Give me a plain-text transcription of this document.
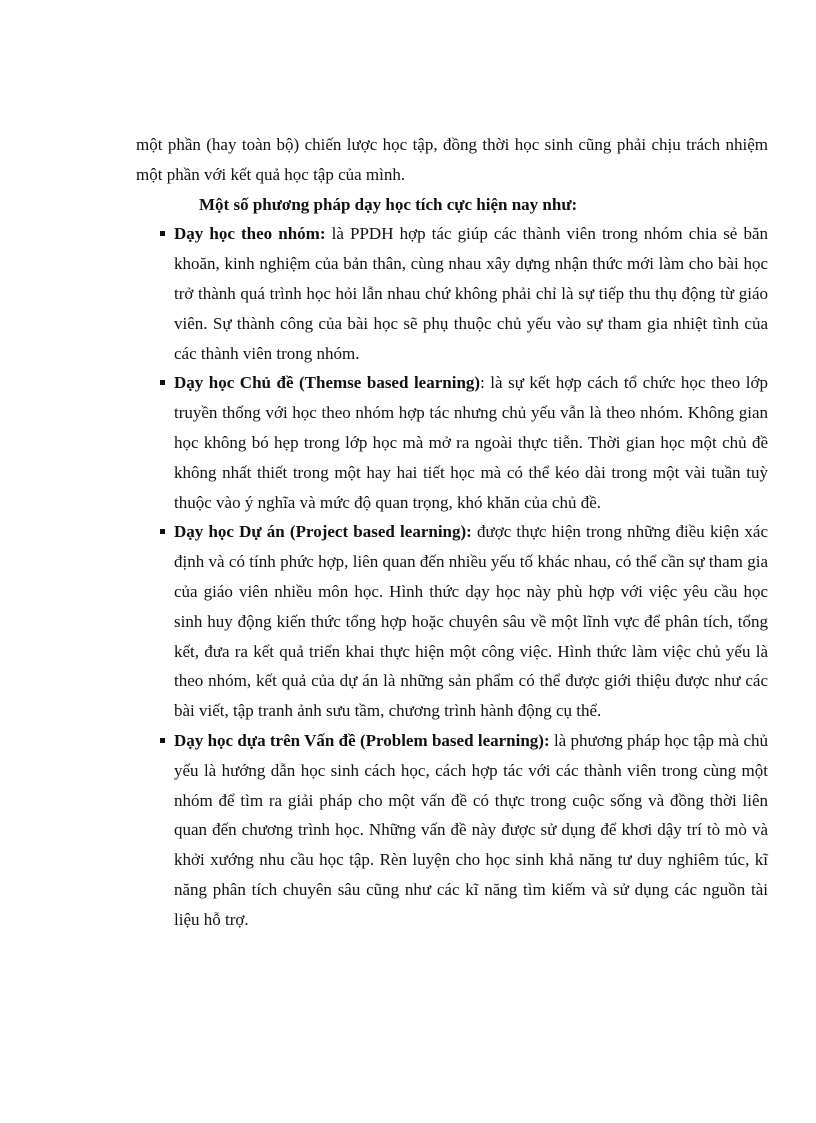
một phần (hay toàn bộ) chiến lược học tập, đồng thời học sinh cũng phải chịu trách nhiệm một phần với kết quả học tập của mình.

Một số phương pháp dạy học tích cực hiện nay như:

Dạy học theo nhóm: là PPDH hợp tác giúp các thành viên trong nhóm chia sẻ băn khoăn, kinh nghiệm của bản thân, cùng nhau xây dựng nhận thức mới làm cho bài học trở thành quá trình học hỏi lẫn nhau chứ không phải chỉ là sự tiếp thu thụ động từ giáo viên. Sự thành công của bài học sẽ phụ thuộc chủ yếu vào sự tham gia nhiệt tình của các thành viên trong nhóm.
Dạy học Chủ đề (Themse based learning): là sự kết hợp cách tổ chức học theo lớp truyền thống với học theo nhóm hợp tác nhưng chủ yếu vẫn là theo nhóm. Không gian học không bó hẹp trong lớp học mà mở ra ngoài thực tiễn. Thời gian học một chủ đề không nhất thiết trong một hay hai tiết học mà có thể kéo dài trong một vài tuần tuỳ thuộc vào ý nghĩa và mức độ quan trọng, khó khăn của chủ đề.
Dạy học Dự án (Project based learning): được thực hiện trong những điều kiện xác định và có tính phức hợp, liên quan đến nhiều yếu tố khác nhau, có thể cần sự tham gia của giáo viên nhiều môn học. Hình thức dạy học này phù hợp với việc yêu cầu học sinh huy động kiến thức tổng hợp hoặc chuyên sâu về một lĩnh vực để phân tích, tổng kết, đưa ra kết quả triển khai thực hiện một công việc. Hình thức làm việc chủ yếu là theo nhóm, kết quả của dự án là những sản phẩm có thể được giới thiệu được như các bài viết, tập tranh ảnh sưu tầm, chương trình hành động cụ thể.
Dạy học dựa trên Vấn đề (Problem based learning): là phương pháp học tập mà chủ yếu là hướng dẫn học sinh cách học, cách hợp tác với các thành viên trong cùng một nhóm để tìm ra giải pháp cho một vấn đề có thực trong cuộc sống và đồng thời liên quan đến chương trình học. Những vấn đề này được sử dụng để khơi dậy trí tò mò và khởi xướng nhu cầu học tập. Rèn luyện cho học sinh khả năng tư duy nghiêm túc, kĩ năng phân tích chuyên sâu cũng như các kĩ năng tìm kiếm và sử dụng các nguồn tài liệu hỗ trợ.
